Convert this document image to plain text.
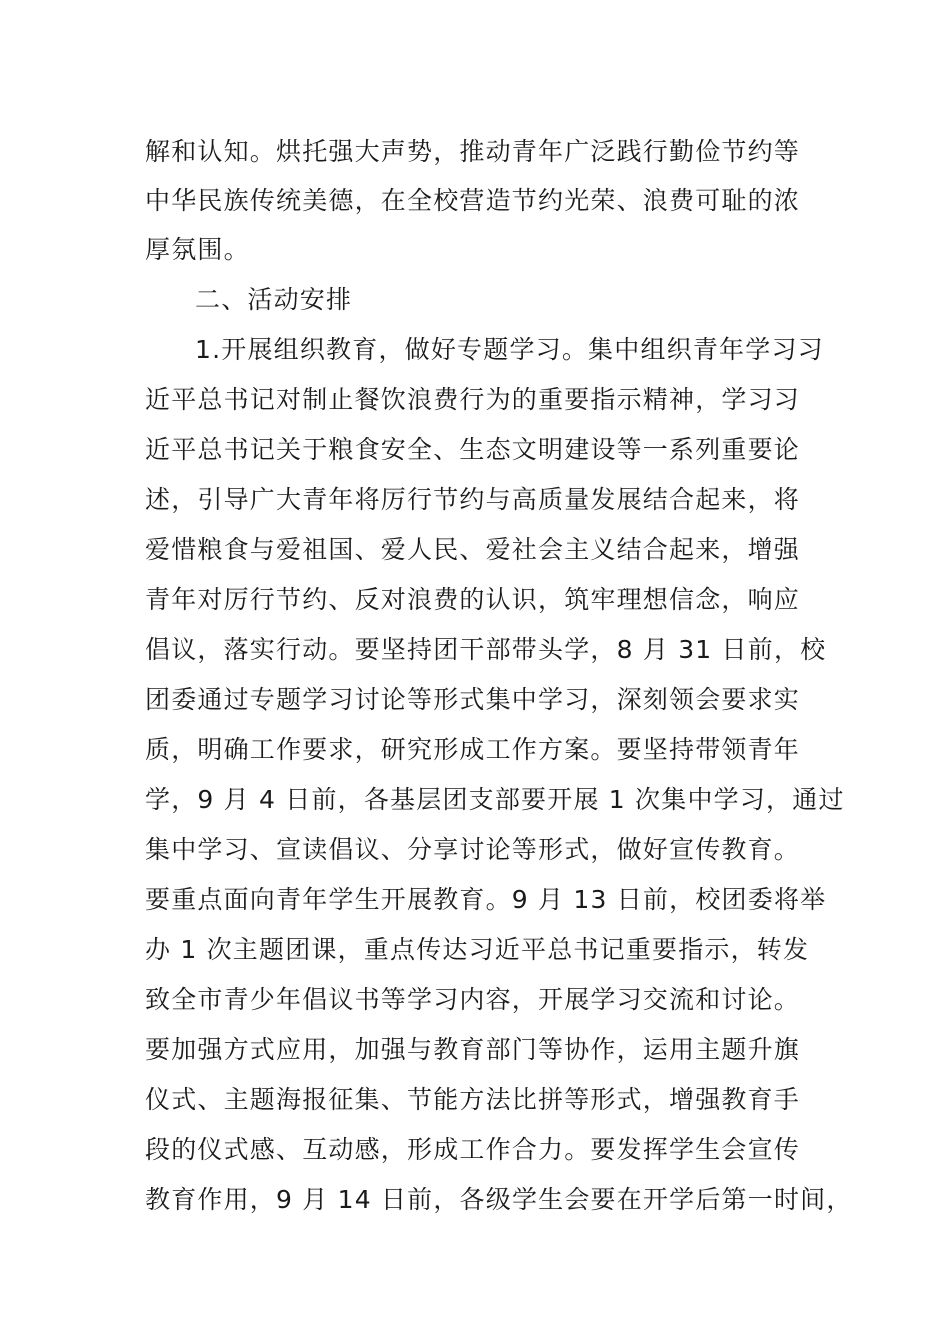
解和认知。烘托强大声势，推动青年广泛践行勤俭节约等
中华民族传统美德，在全校营造节约光荣、浪费可耻的浓
厚氛围。
二、活动安排
1.开展组织教育，做好专题学习。集中组织青年学习习
近平总书记对制止餐饮浪费行为的重要指示精神，学习习
近平总书记关于粮食安全、生态文明建设等一系列重要论
述，引导广大青年将厉行节约与高质量发展结合起来，将
爱惜粮食与爱祖国、爱人民、爱社会主义结合起来，增强
青年对厉行节约、反对浪费的认识，筑牢理想信念，响应
倡议，落实行动。要坚持团干部带头学，8 月 31 日前，校
团委通过专题学习讨论等形式集中学习，深刻领会要求实
质，明确工作要求，研究形成工作方案。要坚持带领青年
学，9 月 4 日前，各基层团支部要开展 1 次集中学习，通过
集中学习、宣读倡议、分享讨论等形式，做好宣传教育。
要重点面向青年学生开展教育。9 月 13 日前，校团委将举
办 1 次主题团课，重点传达习近平总书记重要指示，转发
致全市青少年倡议书等学习内容，开展学习交流和讨论。
要加强方式应用，加强与教育部门等协作，运用主题升旗
仪式、主题海报征集、节能方法比拼等形式，增强教育手
段的仪式感、互动感，形成工作合力。要发挥学生会宣传
教育作用，9 月 14 日前，各级学生会要在开学后第一时间，
